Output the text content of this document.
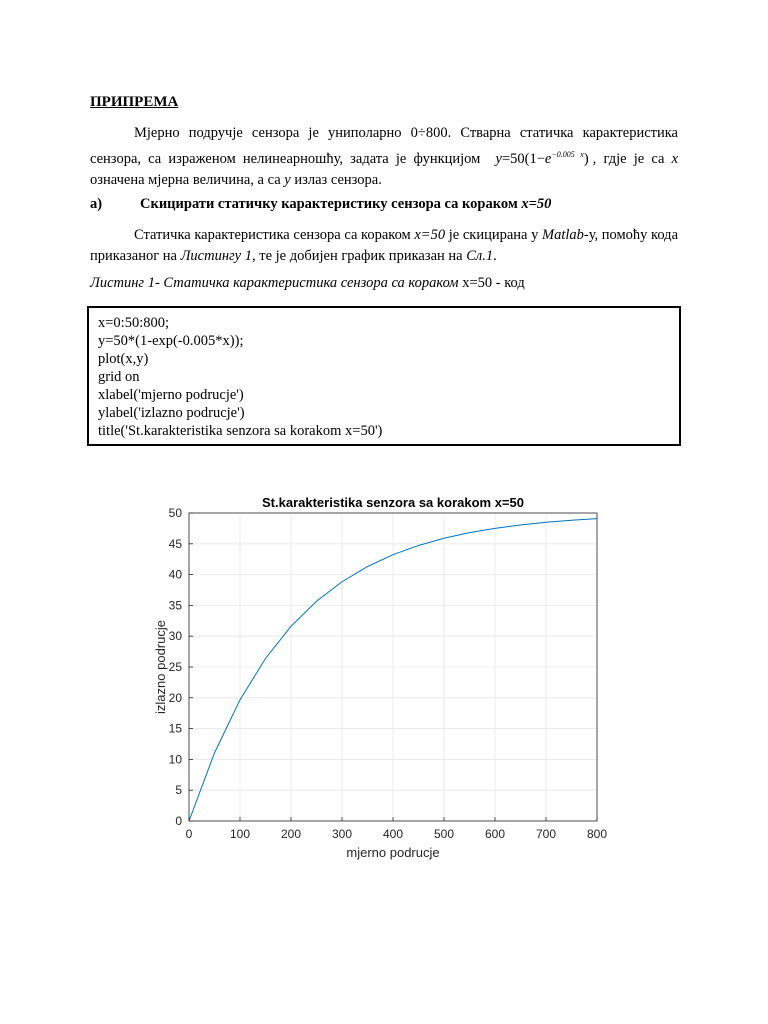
ПРИПРЕМА

Мјерно подручје сензора је униполарно 0÷800. Стварна статичка карактеристика сензора, са израженом нелинеарношћу, задата је функцијом $y=50(1-e^{-0.005 x})$ , гдје је са x означена мјерна величина, а са y излаз сензора.

a)	Скицирати статичку карактеристику сензора са кораком x=50

Статичка карактеристика сензора са кораком x=50 је скицирана у Matlab-у, помоћу кода приказаног на Листингу 1, те је добијен график приказан на Сл.1.

Листинг 1- Статичка карактеристика сензора са кораком x=50 - код

x=0:50:800;
y=50*(1-exp(-0.005*x));
plot(x,y)
grid on
xlabel('mjerno podrucje')
ylabel('izlazno podrucje')
title('St.karakteristika senzora sa korakom x=50')
0	100	200	300	400	500	600	700	800
0
5
10
15
20
25
30
35
40
45
50
St.karakteristika senzora sa korakom x=50
mjerno podrucje
izlazno podrucje
